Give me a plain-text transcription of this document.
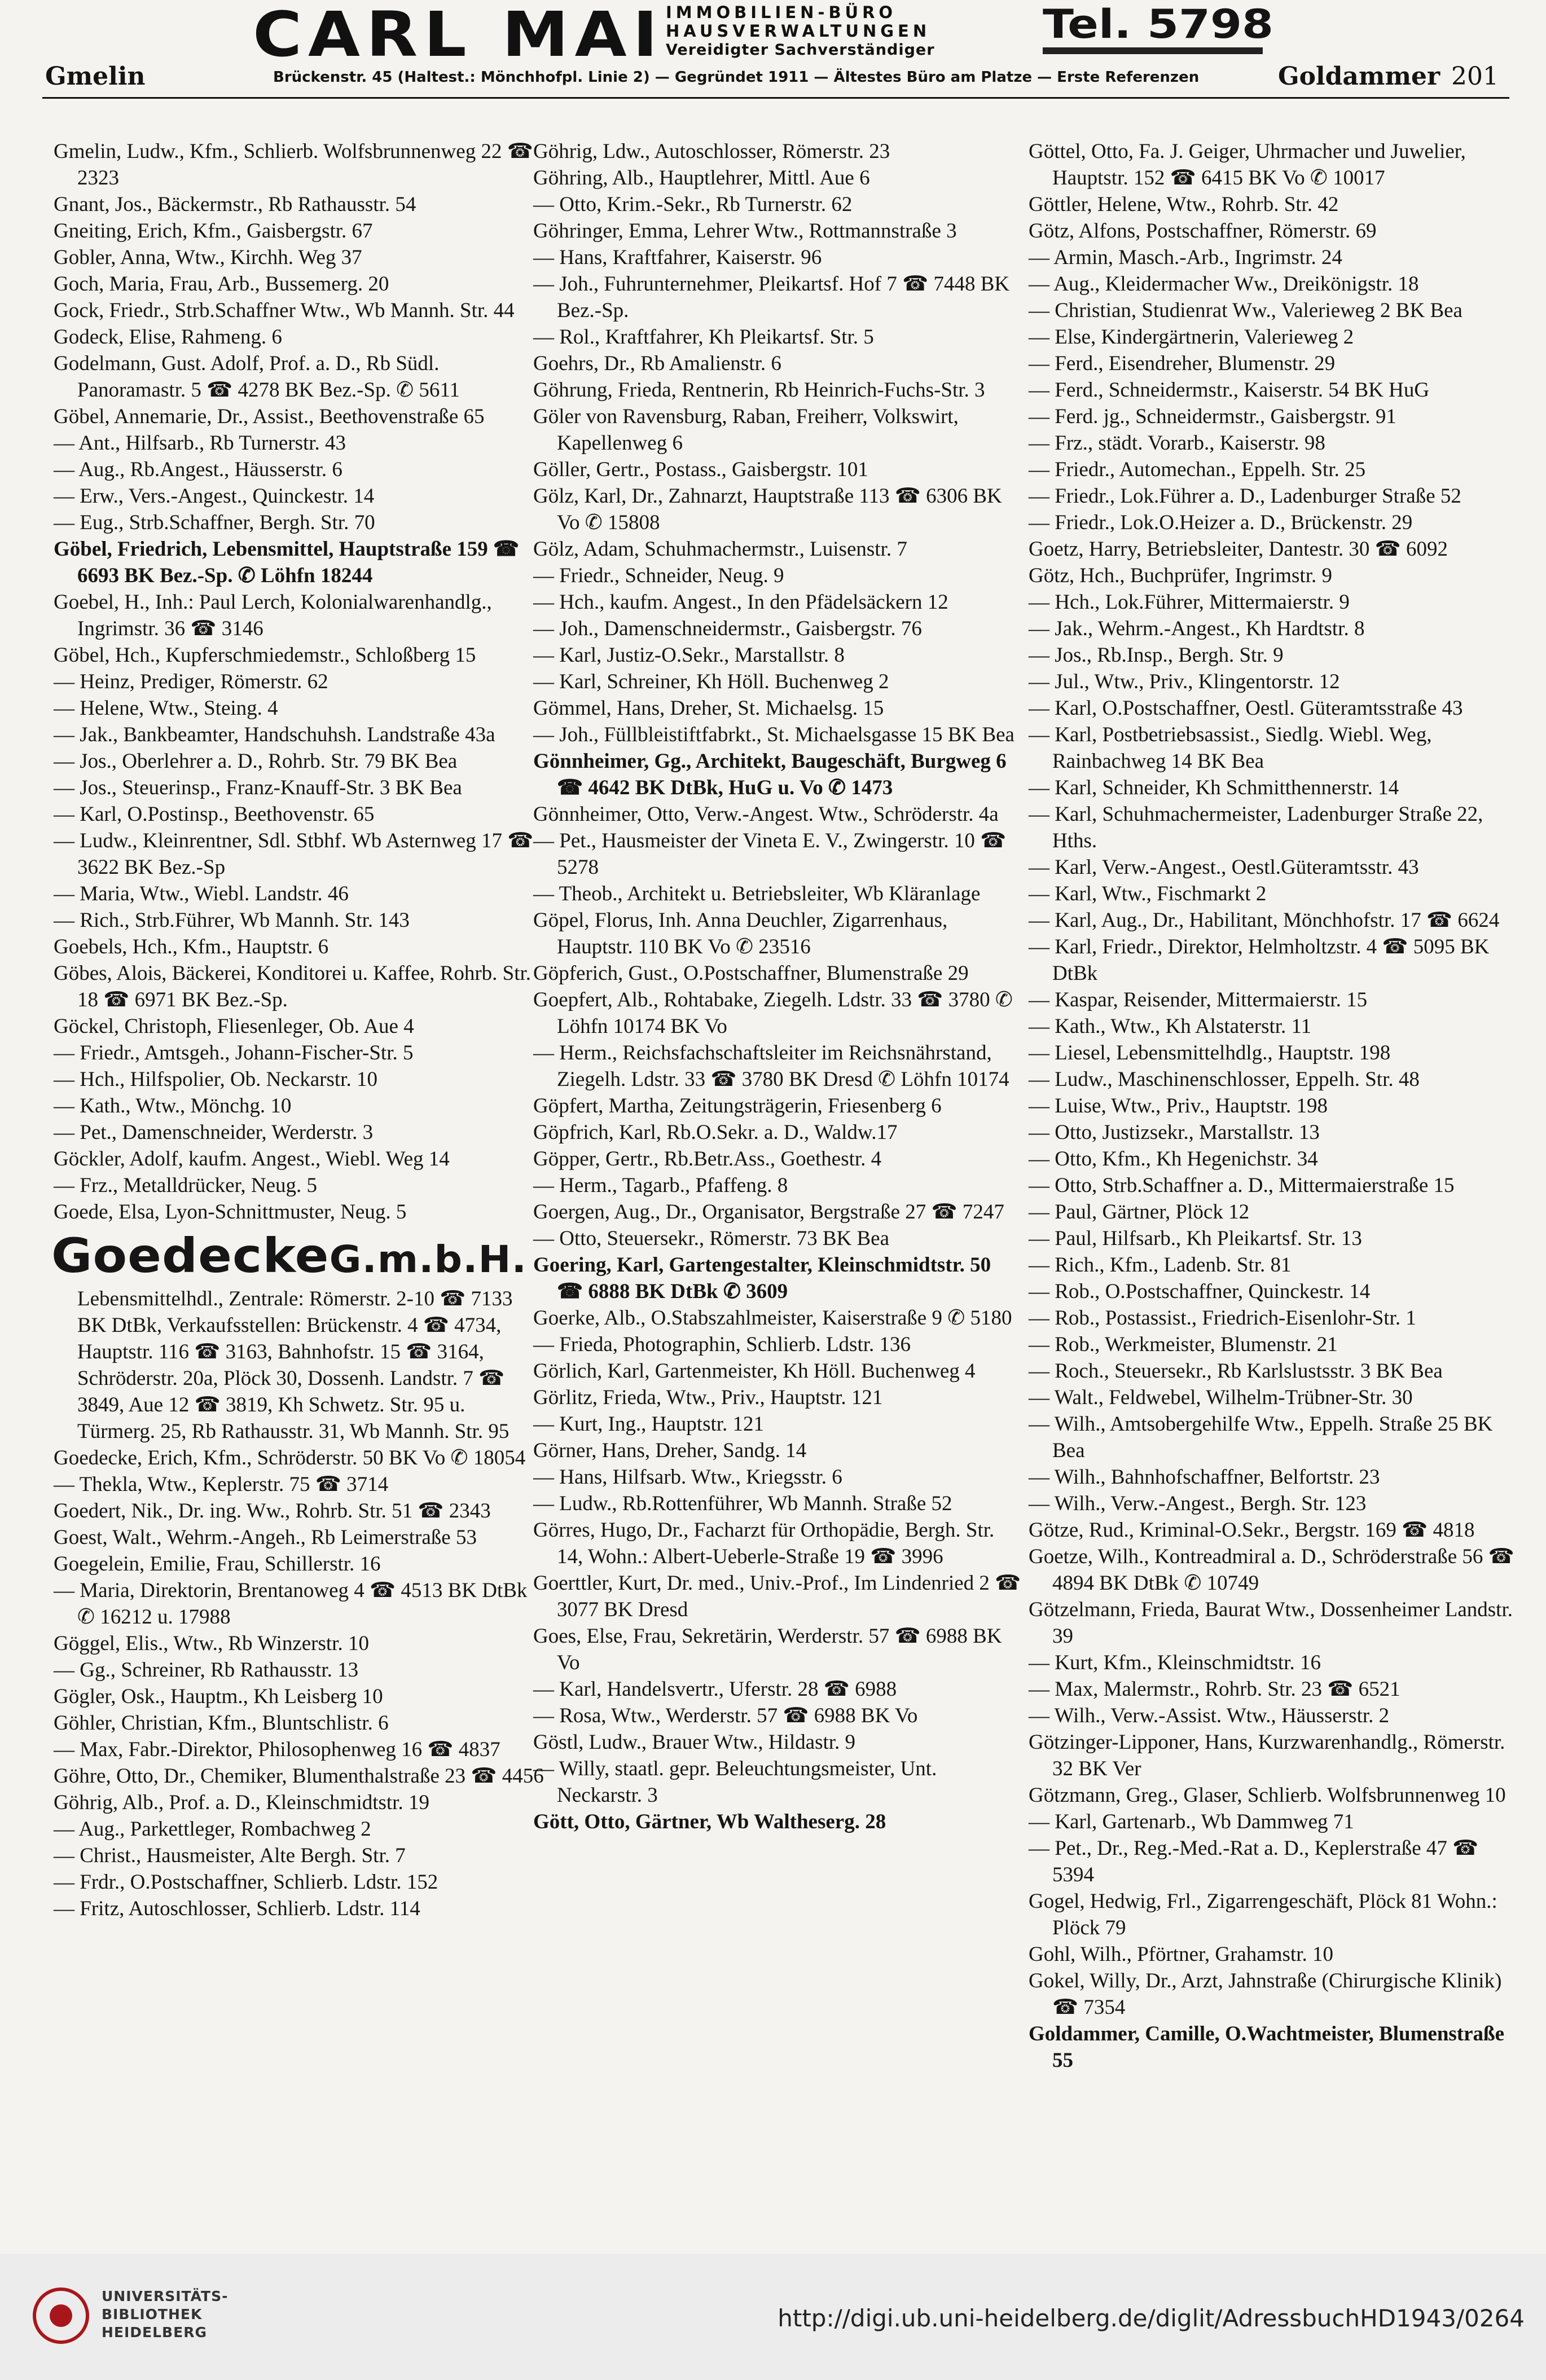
CARL MAI IMMOBILIEN-BÜRO
HAUSVERWALTUNGEN
Vereidigter Sachverständiger
Tel. 5798
Brückenstr. 45 (Haltest.: Mönchhofpl. Linie 2) — Gegründet 1911 — Ältestes Büro am Platze — Erste Referenzen
Gmelin	Goldammer 201

Gmelin, Ludw., Kfm., Schlierb. Wolfsbrunnenweg 22 ☎ 2323

Gnant, Jos., Bäckermstr., Rb Rathausstr. 54

Gneiting, Erich, Kfm., Gaisbergstr. 67

Gobler, Anna, Wtw., Kirchh. Weg 37

Goch, Maria, Frau, Arb., Bussemerg. 20

Gock, Friedr., Strb.Schaffner Wtw., Wb Mannh. Str. 44

Godeck, Elise, Rahmeng. 6

Godelmann, Gust. Adolf, Prof. a. D., Rb Südl. Panoramastr. 5 ☎ 4278 BK Bez.-Sp. ✆ 5611

Göbel, Annemarie, Dr., Assist., Beethovenstraße 65

— Ant., Hilfsarb., Rb Turnerstr. 43

— Aug., Rb.Angest., Häusserstr. 6

— Erw., Vers.-Angest., Quinckestr. 14

— Eug., Strb.Schaffner, Bergh. Str. 70

Göbel, Friedrich, Lebensmittel, Hauptstraße 159 ☎ 6693 BK Bez.-Sp. ✆ Löhfn 18244

Goebel, H., Inh.: Paul Lerch, Kolonialwarenhandlg., Ingrimstr. 36 ☎ 3146

Göbel, Hch., Kupferschmiedemstr., Schloßberg 15

— Heinz, Prediger, Römerstr. 62

— Helene, Wtw., Steing. 4

— Jak., Bankbeamter, Handschuhsh. Landstraße 43a

— Jos., Oberlehrer a. D., Rohrb. Str. 79 BK Bea

— Jos., Steuerinsp., Franz-Knauff-Str. 3 BK Bea

— Karl, O.Postinsp., Beethovenstr. 65

— Ludw., Kleinrentner, Sdl. Stbhf. Wb Asternweg 17 ☎ 3622 BK Bez.-Sp

— Maria, Wtw., Wiebl. Landstr. 46

— Rich., Strb.Führer, Wb Mannh. Str. 143

Goebels, Hch., Kfm., Hauptstr. 6

Göbes, Alois, Bäckerei, Konditorei u. Kaffee, Rohrb. Str. 18 ☎ 6971 BK Bez.-Sp.

Göckel, Christoph, Fliesenleger, Ob. Aue 4

— Friedr., Amtsgeh., Johann-Fischer-Str. 5

— Hch., Hilfspolier, Ob. Neckarstr. 10

— Kath., Wtw., Mönchg. 10

— Pet., Damenschneider, Werderstr. 3

Göckler, Adolf, kaufm. Angest., Wiebl. Weg 14

— Frz., Metalldrücker, Neug. 5

Goede, Elsa, Lyon-Schnittmuster, Neug. 5

GoedeckeG.m.b.H.

Lebensmittelhdl., Zentrale: Römerstr. 2-10 ☎ 7133 BK DtBk, Verkaufsstellen: Brückenstr. 4 ☎ 4734, Hauptstr. 116 ☎ 3163, Bahnhofstr. 15 ☎ 3164, Schröderstr. 20a, Plöck 30, Dossenh. Landstr. 7 ☎ 3849, Aue 12 ☎ 3819, Kh Schwetz. Str. 95 u. Türmerg. 25, Rb Rathausstr. 31, Wb Mannh. Str. 95

Goedecke, Erich, Kfm., Schröderstr. 50 BK Vo ✆ 18054

— Thekla, Wtw., Keplerstr. 75 ☎ 3714

Goedert, Nik., Dr. ing. Ww., Rohrb. Str. 51 ☎ 2343

Goest, Walt., Wehrm.-Angeh., Rb Leimerstraße 53

Goegelein, Emilie, Frau, Schillerstr. 16

— Maria, Direktorin, Brentanoweg 4 ☎ 4513 BK DtBk ✆ 16212 u. 17988

Göggel, Elis., Wtw., Rb Winzerstr. 10

— Gg., Schreiner, Rb Rathausstr. 13

Gögler, Osk., Hauptm., Kh Leisberg 10

Göhler, Christian, Kfm., Bluntschlistr. 6

— Max, Fabr.-Direktor, Philosophenweg 16 ☎ 4837

Göhre, Otto, Dr., Chemiker, Blumenthalstraße 23 ☎ 4456

Göhrig, Alb., Prof. a. D., Kleinschmidtstr. 19

— Aug., Parkettleger, Rombachweg 2

— Christ., Hausmeister, Alte Bergh. Str. 7

— Frdr., O.Postschaffner, Schlierb. Ldstr. 152

— Fritz, Autoschlosser, Schlierb. Ldstr. 114

Göhrig, Ldw., Autoschlosser, Römerstr. 23

Göhring, Alb., Hauptlehrer, Mittl. Aue 6

— Otto, Krim.-Sekr., Rb Turnerstr. 62

Göhringer, Emma, Lehrer Wtw., Rottmannstraße 3

— Hans, Kraftfahrer, Kaiserstr. 96

— Joh., Fuhrunternehmer, Pleikartsf. Hof 7 ☎ 7448 BK Bez.-Sp.

— Rol., Kraftfahrer, Kh Pleikartsf. Str. 5

Goehrs, Dr., Rb Amalienstr. 6

Göhrung, Frieda, Rentnerin, Rb Heinrich-Fuchs-Str. 3

Göler von Ravensburg, Raban, Freiherr, Volkswirt, Kapellenweg 6

Göller, Gertr., Postass., Gaisbergstr. 101

Gölz, Karl, Dr., Zahnarzt, Hauptstraße 113 ☎ 6306 BK Vo ✆ 15808

Gölz, Adam, Schuhmachermstr., Luisenstr. 7

— Friedr., Schneider, Neug. 9

— Hch., kaufm. Angest., In den Pfädelsäckern 12

— Joh., Damenschneidermstr., Gaisbergstr. 76

— Karl, Justiz-O.Sekr., Marstallstr. 8

— Karl, Schreiner, Kh Höll. Buchenweg 2

Gömmel, Hans, Dreher, St. Michaelsg. 15

— Joh., Füllbleistiftfabrkt., St. Michaelsgasse 15 BK Bea

Gönnheimer, Gg., Architekt, Baugeschäft, Burgweg 6 ☎ 4642 BK DtBk, HuG u. Vo ✆ 1473

Gönnheimer, Otto, Verw.-Angest. Wtw., Schröderstr. 4a

— Pet., Hausmeister der Vineta E. V., Zwingerstr. 10 ☎ 5278

— Theob., Architekt u. Betriebsleiter, Wb Kläranlage

Göpel, Florus, Inh. Anna Deuchler, Zigarrenhaus, Hauptstr. 110 BK Vo ✆ 23516

Göpferich, Gust., O.Postschaffner, Blumenstraße 29

Goepfert, Alb., Rohtabake, Ziegelh. Ldstr. 33 ☎ 3780 ✆ Löhfn 10174 BK Vo

— Herm., Reichsfachschaftsleiter im Reichsnährstand, Ziegelh. Ldstr. 33 ☎ 3780 BK Dresd ✆ Löhfn 10174

Göpfert, Martha, Zeitungsträgerin, Friesenberg 6

Göpfrich, Karl, Rb.O.Sekr. a. D., Waldw.17

Göpper, Gertr., Rb.Betr.Ass., Goethestr. 4

— Herm., Tagarb., Pfaffeng. 8

Goergen, Aug., Dr., Organisator, Bergstraße 27 ☎ 7247

— Otto, Steuersekr., Römerstr. 73 BK Bea

Goering, Karl, Gartengestalter, Kleinschmidtstr. 50 ☎ 6888 BK DtBk ✆ 3609

Goerke, Alb., O.Stabszahlmeister, Kaiserstraße 9 ✆ 5180

— Frieda, Photographin, Schlierb. Ldstr. 136

Görlich, Karl, Gartenmeister, Kh Höll. Buchenweg 4

Görlitz, Frieda, Wtw., Priv., Hauptstr. 121

— Kurt, Ing., Hauptstr. 121

Görner, Hans, Dreher, Sandg. 14

— Hans, Hilfsarb. Wtw., Kriegsstr. 6

— Ludw., Rb.Rottenführer, Wb Mannh. Straße 52

Görres, Hugo, Dr., Facharzt für Orthopädie, Bergh. Str. 14, Wohn.: Albert-Ueberle-Straße 19 ☎ 3996

Goerttler, Kurt, Dr. med., Univ.-Prof., Im Lindenried 2 ☎ 3077 BK Dresd

Goes, Else, Frau, Sekretärin, Werderstr. 57 ☎ 6988 BK Vo

— Karl, Handelsvertr., Uferstr. 28 ☎ 6988

— Rosa, Wtw., Werderstr. 57 ☎ 6988 BK Vo

Göstl, Ludw., Brauer Wtw., Hildastr. 9

— Willy, staatl. gepr. Beleuchtungsmeister, Unt. Neckarstr. 3

Gött, Otto, Gärtner, Wb Waltheserg. 28

Göttel, Otto, Fa. J. Geiger, Uhrmacher und Juwelier, Hauptstr. 152 ☎ 6415 BK Vo ✆ 10017

Göttler, Helene, Wtw., Rohrb. Str. 42

Götz, Alfons, Postschaffner, Römerstr. 69

— Armin, Masch.-Arb., Ingrimstr. 24

— Aug., Kleidermacher Ww., Dreikönigstr. 18

— Christian, Studienrat Ww., Valerieweg 2 BK Bea

— Else, Kindergärtnerin, Valerieweg 2

— Ferd., Eisendreher, Blumenstr. 29

— Ferd., Schneidermstr., Kaiserstr. 54 BK HuG

— Ferd. jg., Schneidermstr., Gaisbergstr. 91

— Frz., städt. Vorarb., Kaiserstr. 98

— Friedr., Automechan., Eppelh. Str. 25

— Friedr., Lok.Führer a. D., Ladenburger Straße 52

— Friedr., Lok.O.Heizer a. D., Brückenstr. 29

Goetz, Harry, Betriebsleiter, Dantestr. 30 ☎ 6092

Götz, Hch., Buchprüfer, Ingrimstr. 9

— Hch., Lok.Führer, Mittermaierstr. 9

— Jak., Wehrm.-Angest., Kh Hardtstr. 8

— Jos., Rb.Insp., Bergh. Str. 9

— Jul., Wtw., Priv., Klingentorstr. 12

— Karl, O.Postschaffner, Oestl. Güteramtsstraße 43

— Karl, Postbetriebsassist., Siedlg. Wiebl. Weg, Rainbachweg 14 BK Bea

— Karl, Schneider, Kh Schmitthennerstr. 14

— Karl, Schuhmachermeister, Ladenburger Straße 22, Hths.

— Karl, Verw.-Angest., Oestl.Güteramtsstr. 43

— Karl, Wtw., Fischmarkt 2

— Karl, Aug., Dr., Habilitant, Mönchhofstr. 17 ☎ 6624

— Karl, Friedr., Direktor, Helmholtzstr. 4 ☎ 5095 BK DtBk

— Kaspar, Reisender, Mittermaierstr. 15

— Kath., Wtw., Kh Alstaterstr. 11

— Liesel, Lebensmittelhdlg., Hauptstr. 198

— Ludw., Maschinenschlosser, Eppelh. Str. 48

— Luise, Wtw., Priv., Hauptstr. 198

— Otto, Justizsekr., Marstallstr. 13

— Otto, Kfm., Kh Hegenichstr. 34

— Otto, Strb.Schaffner a. D., Mittermaierstraße 15

— Paul, Gärtner, Plöck 12

— Paul, Hilfsarb., Kh Pleikartsf. Str. 13

— Rich., Kfm., Ladenb. Str. 81

— Rob., O.Postschaffner, Quinckestr. 14

— Rob., Postassist., Friedrich-Eisenlohr-Str. 1

— Rob., Werkmeister, Blumenstr. 21

— Roch., Steuersekr., Rb Karlslustsstr. 3 BK Bea

— Walt., Feldwebel, Wilhelm-Trübner-Str. 30

— Wilh., Amtsobergehilfe Wtw., Eppelh. Straße 25 BK Bea

— Wilh., Bahnhofschaffner, Belfortstr. 23

— Wilh., Verw.-Angest., Bergh. Str. 123

Götze, Rud., Kriminal-O.Sekr., Bergstr. 169 ☎ 4818

Goetze, Wilh., Kontreadmiral a. D., Schröderstraße 56 ☎ 4894 BK DtBk ✆ 10749

Götzelmann, Frieda, Baurat Wtw., Dossenheimer Landstr. 39

— Kurt, Kfm., Kleinschmidtstr. 16

— Max, Malermstr., Rohrb. Str. 23 ☎ 6521

— Wilh., Verw.-Assist. Wtw., Häusserstr. 2

Götzinger-Lipponer, Hans, Kurzwarenhandlg., Römerstr. 32 BK Ver

Götzmann, Greg., Glaser, Schlierb. Wolfsbrunnenweg 10

— Karl, Gartenarb., Wb Dammweg 71

— Pet., Dr., Reg.-Med.-Rat a. D., Keplerstraße 47 ☎ 5394

Gogel, Hedwig, Frl., Zigarrengeschäft, Plöck 81 Wohn.: Plöck 79

Gohl, Wilh., Pförtner, Grahamstr. 10

Gokel, Willy, Dr., Arzt, Jahnstraße (Chirurgische Klinik) ☎ 7354

Goldammer, Camille, O.Wachtmeister, Blumenstraße 55

UNIVERSITÄTS-
BIBLIOTHEK
HEIDELBERG
http://digi.ub.uni-heidelberg.de/diglit/AdressbuchHD1943/0264
